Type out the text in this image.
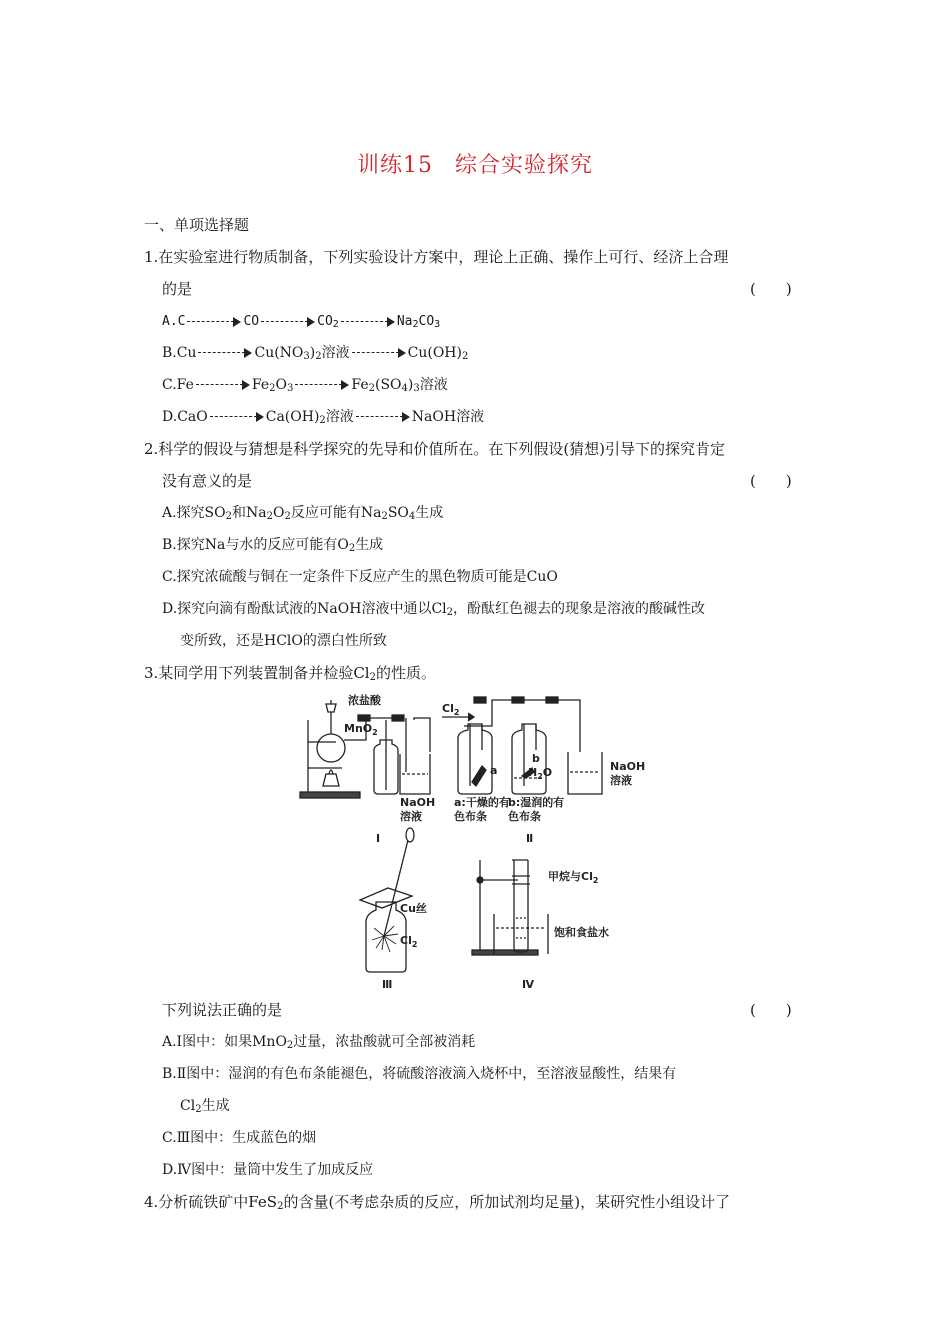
训练15 综合实验探究
一、单项选择题
1.在实验室进行物质制备，下列实验设计方案中，理论上正确、操作上可行、经济上合理
的是	(　　)
A.C	CO	$CO_2$	$Na_2CO_3$
B.Cu	$Cu(NO_3)_2$溶液	$Cu(OH)_2$
C.Fe	$Fe_2O_3$	$Fe_2(SO_4)_3$溶液
D.CaO	$Ca(OH)_2$溶液	NaOH溶液
2.科学的假设与猜想是科学探究的先导和价值所在。在下列假设(猜想)引导下的探究肯定
没有意义的是	(　　)
A.探究$SO_2$和$Na_2O_2$反应可能有$Na_2SO_4$生成
B.探究Na与水的反应可能有$O_2$生成
C.探究浓硫酸与铜在一定条件下反应产生的黑色物质可能是CuO
D.探究向滴有酚酞试液的NaOH溶液中通以$Cl_2$，酚酞红色褪去的现象是溶液的酸碱性改
变所致，还是HClO的漂白性所致
3.某同学用下列装置制备并检验$Cl_2$的性质。
浓盐酸
MnO$_2$
NaOH
溶液
$Cl_2$
a
b
$H_2O$
a:干燥的有
色布条
b:湿润的有
色布条
NaOH
溶液
Ⅰ	Ⅱ
Cu丝
$Cl_2$
Ⅲ
甲烷与$Cl_2$
饱和食盐水
Ⅳ
下列说法正确的是	(　　)
A.Ⅰ图中：如果MnO$_2$过量，浓盐酸就可全部被消耗
B.Ⅱ图中：湿润的有色布条能褪色，将硫酸溶液滴入烧杯中，至溶液显酸性，结果有
$Cl_2$生成
C.Ⅲ图中：生成蓝色的烟
D.Ⅳ图中：量筒中发生了加成反应
4.分析硫铁矿中FeS$_2$的含量(不考虑杂质的反应，所加试剂均足量)，某研究性小组设计了
